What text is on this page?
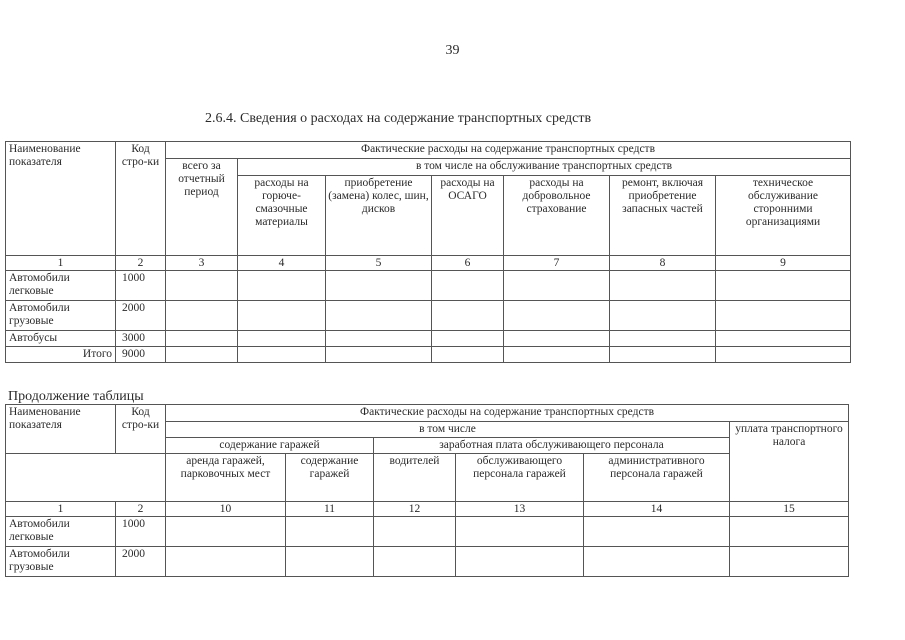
39
2.6.4. Сведения о расходах на содержание транспортных средств
Наименование показателя	Код стро-ки	Фактические расходы на содержание транспортных средств						
		всего за отчетный период	в том числе на обслуживание транспортных средств					
			расходы на горюче-смазочные материалы	приобретение (замена) колес, шин, дисков	расходы на ОСАГО	расходы на добровольное страхование	ремонт, включая приобретение запасных частей	техническое обслуживание сторонними организациями
1	2	3	4	5	6	7	8	9
Автомобили легковые	1000							
Автомобили грузовые	2000							
Автобусы	3000							
Итого	9000							
Продолжение таблицы
Наименование показателя	Код стро-ки	Фактические расходы на содержание транспортных средств					
		в том числе					уплата транспортного налога
		содержание гаражей		заработная плата обслуживающего персонала			
		аренда гаражей, парковочных мест	содержание гаражей	водителей	обслуживающего персонала гаражей	административного персонала гаражей	
1	2	10	11	12	13	14	15
Автомобили легковые	1000						
Автомобили грузовые	2000						
